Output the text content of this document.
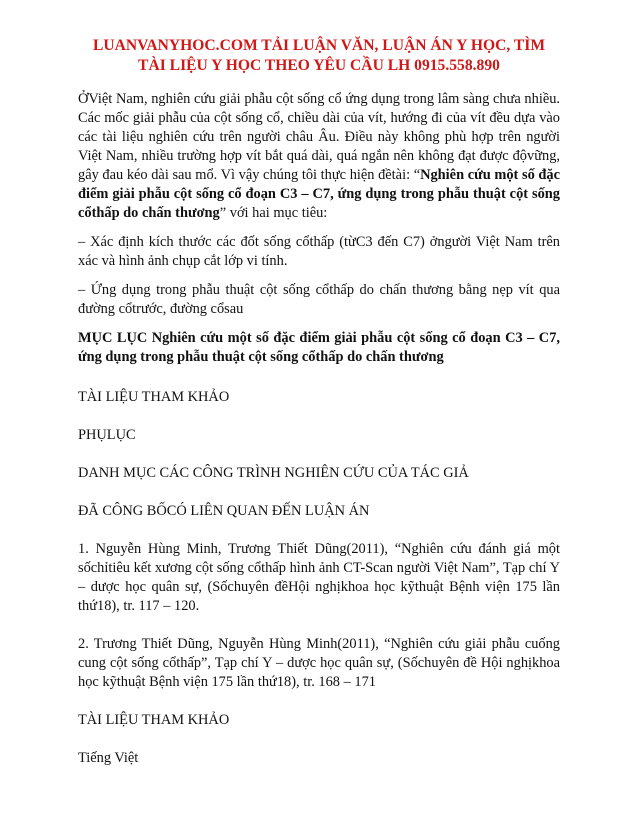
LUANVANYHOC.COM TẢI LUẬN VĂN, LUẬN ÁN Y HỌC, TÌM
TÀI LIỆU Y HỌC THEO YÊU CẦU LH 0915.558.890

ỞViệt Nam, nghiên cứu giải phẫu cột sống cổ ứng dụng trong lâm sàng chưa nhiều. Các mốc giải phẫu của cột sống cổ, chiều dài của vít, hướng đi của vít đều dựa vào các tài liệu nghiên cứu trên người châu Âu. Điều này không phù hợp trên người Việt Nam, nhiều trường hợp vít bắt quá dài, quá ngắn nên không đạt được độvững, gây đau kéo dài sau mổ. Vì vậy chúng tôi thực hiện đềtài: “Nghiên cứu một số đặc điểm giải phẫu cột sống cổ đoạn C3 – C7, ứng dụng trong phẫu thuật cột sống cổthấp do chấn thương” với hai mục tiêu:

– Xác định kích thước các đốt sống cổthấp (từC3 đến C7) ởngười Việt Nam trên xác và hình ảnh chụp cắt lớp vi tính.

– Ứng dụng trong phẫu thuật cột sống cổthấp do chấn thương bằng nẹp vít qua đường cổtrước, đường cổsau

MỤC LỤC Nghiên cứu một số đặc điểm giải phẫu cột sống cổ đoạn C3 – C7, ứng dụng trong phẫu thuật cột sống cổthấp do chấn thương

TÀI LIỆU THAM KHẢO

PHỤLỤC

DANH MỤC CÁC CÔNG TRÌNH NGHIÊN CỨU CỦA TÁC GIẢ

ĐÃ CÔNG BỐCÓ LIÊN QUAN ĐẾN LUẬN ÁN

1. Nguyễn Hùng Minh, Trương Thiết Dũng(2011), “Nghiên cứu đánh giá một sốchỉtiêu kết xương cột sống cổthấp hình ảnh CT-Scan người Việt Nam”, Tạp chí Y – dược học quân sự, (Sốchuyên đềHội nghịkhoa học kỹthuật Bệnh viện 175 lần thứ18), tr. 117 – 120.

2. Trương Thiết Dũng, Nguyễn Hùng Minh(2011), “Nghiên cứu giải phẫu cuống cung cột sống cổthấp”, Tạp chí Y – dược học quân sự, (Sốchuyên đề Hội nghịkhoa học kỹthuật Bệnh viện 175 lần thứ18), tr. 168 – 171

TÀI LIỆU THAM KHẢO

Tiếng Việt
